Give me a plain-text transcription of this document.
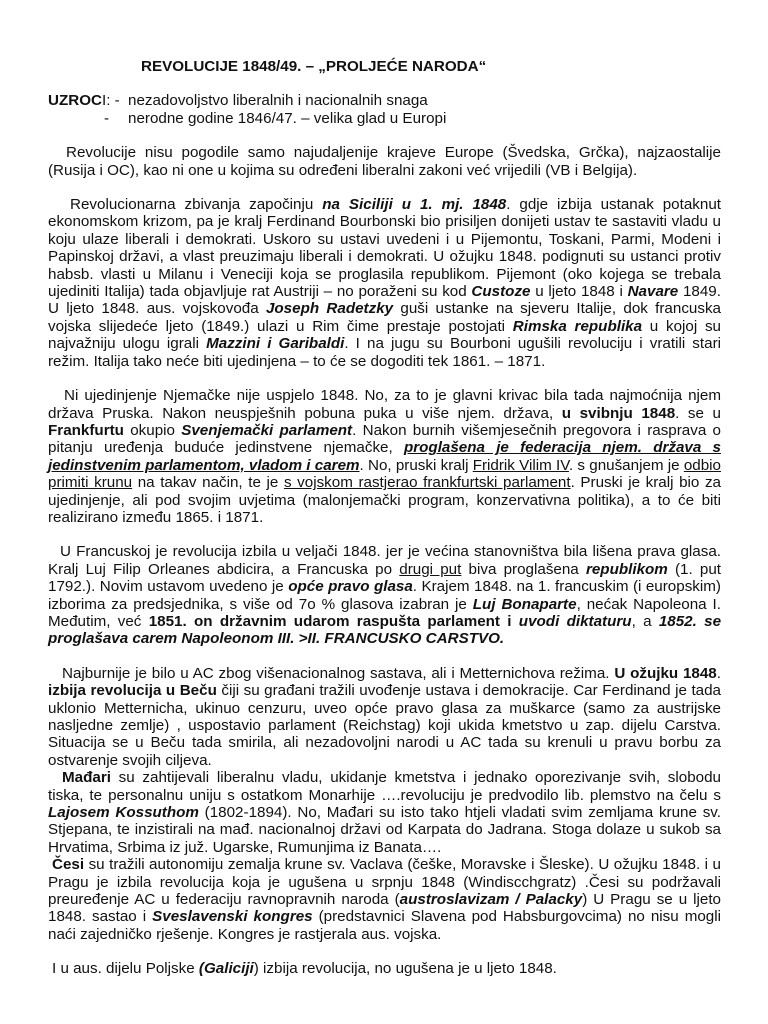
REVOLUCIJE 1848/49. – „PROLJEĆE NARODA“
UZROCI: - nezadovoljstvo liberalnih i nacionalnih snaga
-	nerodne godine 1846/47. – velika glad u Europi

Revolucije nisu pogodile samo najudaljenije krajeve Europe (Švedska, Grčka), najzaostalije (Rusija i OC), kao ni one u kojima su određeni liberalni zakoni već vrijedili (VB i Belgija).

Revolucionarna zbivanja započinju na Siciliji u 1. mj. 1848. gdje izbija ustanak potaknut ekonomskom krizom, pa je kralj Ferdinand Bourbonski bio prisiljen donijeti ustav te sastaviti vladu u koju ulaze liberali i demokrati. Uskoro su ustavi uvedeni i u Pijemontu, Toskani, Parmi, Modeni i Papinskoj državi, a vlast preuzimaju liberali i demokrati. U ožujku 1848. podignuti su ustanci protiv habsb. vlasti u Milanu i Veneciji koja se proglasila republikom. Pijemont (oko kojega se trebala ujediniti Italija) tada objavljuje rat Austriji – no poraženi su kod Custoze u ljeto 1848 i Navare 1849. U ljeto 1848. aus. vojskovođa Joseph Radetzky guši ustanke na sjeveru Italije, dok francuska vojska slijedeće ljeto (1849.) ulazi u Rim čime prestaje postojati Rimska republika u kojoj su najvažniju ulogu igrali Mazzini i Garibaldi. I na jugu su Bourboni ugušili revoluciju i vratili stari režim. Italija tako neće biti ujedinjena – to će se dogoditi tek 1861. – 1871.

Ni ujedinjenje Njemačke nije uspjelo 1848. No, za to je glavni krivac bila tada najmoćnija njem država Pruska. Nakon neuspješnih pobuna puka u više njem. država, u svibnju 1848. se u Frankfurtu okupio Svenjemački parlament. Nakon burnih višemjesečnih pregovora i rasprava o pitanju uređenja buduće jedinstvene njemačke, proglašena je federacija njem. država s jedinstvenim parlamentom, vladom i carem. No, pruski kralj Fridrik Vilim IV. s gnušanjem je odbio primiti krunu na takav način, te je s vojskom rastjerao frankfurtski parlament. Pruski je kralj bio za ujedinjenje, ali pod svojim uvjetima (malonjemački program, konzervativna politika), a to će biti realizirano između 1865. i 1871.

U Francuskoj je revolucija izbila u veljači 1848. jer je većina stanovništva bila lišena prava glasa. Kralj Luj Filip Orleanes abdicira, a Francuska po drugi put biva proglašena republikom (1. put 1792.). Novim ustavom uvedeno je opće pravo glasa. Krajem 1848. na 1. francuskim (i europskim) izborima za predsjednika, s više od 7o % glasova izabran je Luj Bonaparte, nećak Napoleona I. Međutim, već 1851. on državnim udarom raspušta parlament i uvodi diktaturu, a 1852. se proglašava carem Napoleonom III. >II. FRANCUSKO CARSTVO.

Najburnije je bilo u AC zbog višenacionalnog sastava, ali i Metternichova režima. U ožujku 1848. izbija revolucija u Beču čiji su građani tražili uvođenje ustava i demokracije. Car Ferdinand je tada uklonio Metternicha, ukinuo cenzuru, uveo opće pravo glasa za muškarce (samo za austrijske nasljedne zemlje) , uspostavio parlament (Reichstag) koji ukida kmetstvo u zap. dijelu Carstva. Situacija se u Beču tada smirila, ali nezadovoljni narodi u AC tada su krenuli u pravu borbu za ostvarenje svojih ciljeva.

Mađari su zahtijevali liberalnu vladu, ukidanje kmetstva i jednako oporezivanje svih, slobodu tiska, te personalnu uniju s ostatkom Monarhije ….revoluciju je predvodilo lib. plemstvo na čelu s Lajosem Kossuthom (1802-1894). No, Mađari su isto tako htjeli vladati svim zemljama krune sv. Stjepana, te inzistirali na mađ. nacionalnoj državi od Karpata do Jadrana. Stoga dolaze u sukob sa Hrvatima, Srbima iz juž. Ugarske, Rumunjima iz Banata….

Česi su tražili autonomiju zemalja krune sv. Vaclava (češke, Moravske i Šleske). U ožujku 1848. i u Pragu je izbila revolucija koja je ugušena u srpnju 1848 (Windiscchgratz) .Česi su podržavali preuređenje AC u federaciju ravnopravnih naroda (austroslavizam / Palacky) U Pragu se u ljeto 1848. sastao i Sveslavenski kongres (predstavnici Slavena pod Habsburgovcima) no nisu mogli naći zajedničko rješenje. Kongres je rastjerala aus. vojska.

I u aus. dijelu Poljske (Galiciji) izbija revolucija, no ugušena je u ljeto 1848.
